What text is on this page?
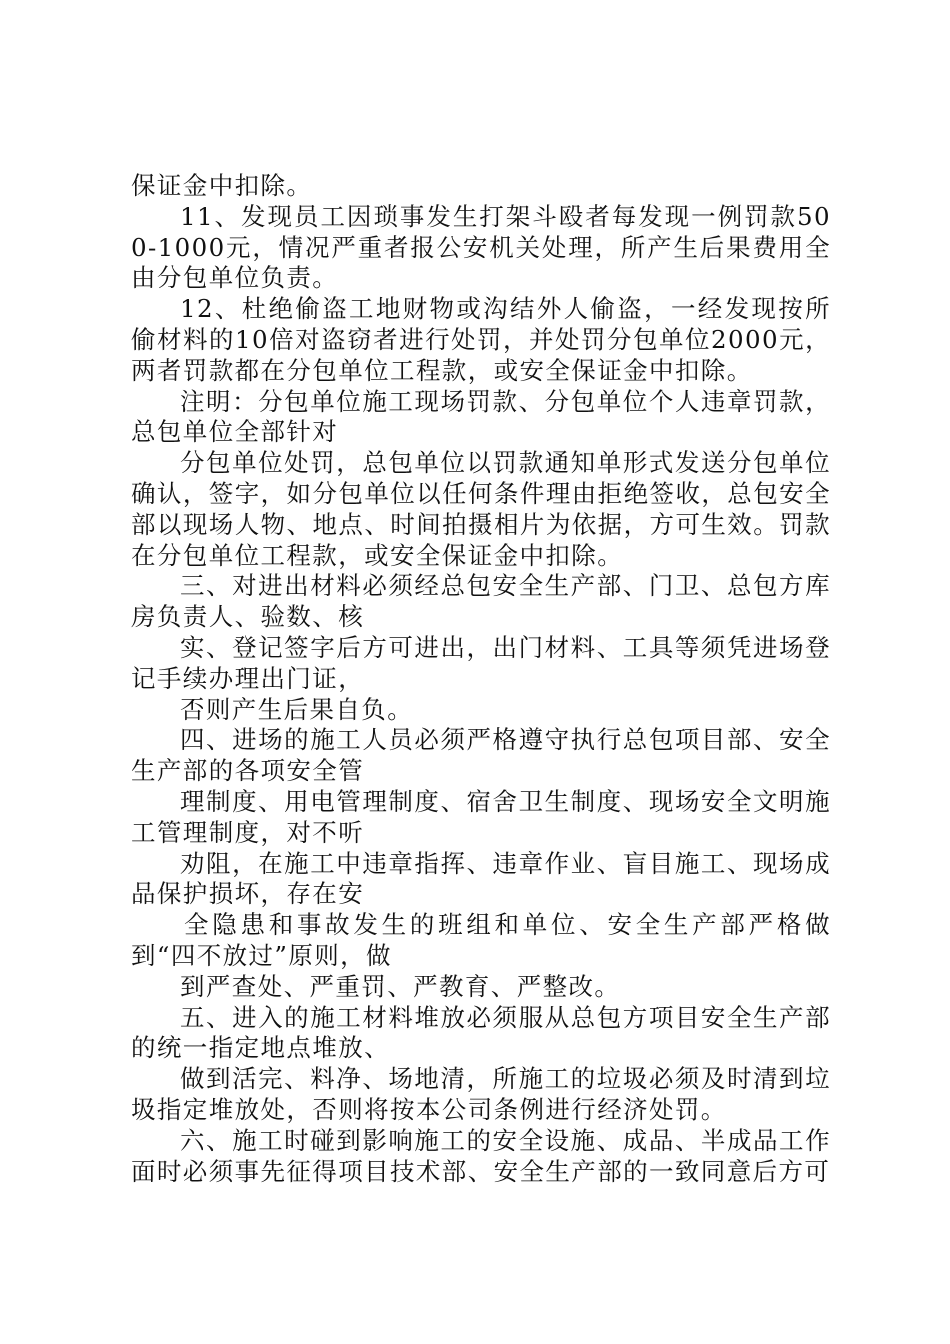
保证金中扣除。

11、发现员工因琐事发生打架斗殴者每发现一例罚款500-1000元，情况严重者报公安机关处理，所产生后果费用全由分包单位负责。

12、杜绝偷盗工地财物或沟结外人偷盗，一经发现按所偷材料的10倍对盗窃者进行处罚，并处罚分包单位2000元，两者罚款都在分包单位工程款，或安全保证金中扣除。

注明：分包单位施工现场罚款、分包单位个人违章罚款，总包单位全部针对

分包单位处罚，总包单位以罚款通知单形式发送分包单位确认，签字，如分包单位以任何条件理由拒绝签收，总包安全部以现场人物、地点、时间拍摄相片为依据，方可生效。罚款在分包单位工程款，或安全保证金中扣除。

三、对进出材料必须经总包安全生产部、门卫、总包方库房负责人、验数、核

实、登记签字后方可进出，出门材料、工具等须凭进场登记手续办理出门证，

否则产生后果自负。

四、进场的施工人员必须严格遵守执行总包项目部、安全生产部的各项安全管

理制度、用电管理制度、宿舍卫生制度、现场安全文明施工管理制度，对不听

劝阻，在施工中违章指挥、违章作业、盲目施工、现场成品保护损坏，存在安

全隐患和事故发生的班组和单位、安全生产部严格做到“四不放过”原则，做

到严查处、严重罚、严教育、严整改。

五、进入的施工材料堆放必须服从总包方项目安全生产部的统一指定地点堆放、

做到活完、料净、场地清，所施工的垃圾必须及时清到垃圾指定堆放处，否则将按本公司条例进行经济处罚。

六、施工时碰到影响施工的安全设施、成品、半成品工作面时必须事先征得项目技术部、安全生产部的一致同意后方可
